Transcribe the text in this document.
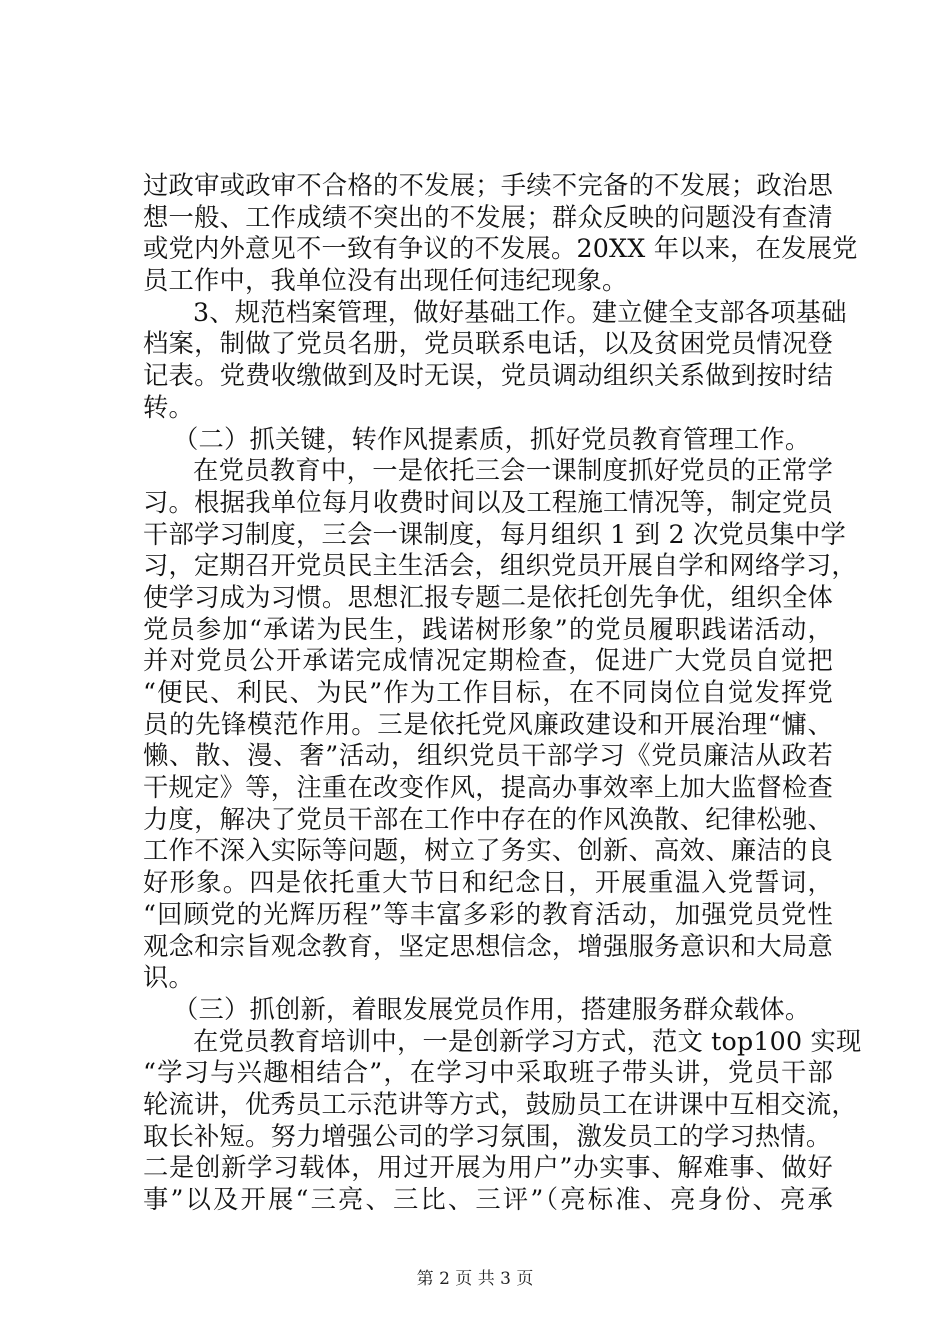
过政审或政审不合格的不发展；手续不完备的不发展；政治思
想一般、工作成绩不突出的不发展；群众反映的问题没有查清
或党内外意见不一致有争议的不发展。20XX 年以来，在发展党
员工作中，我单位没有出现任何违纪现象。
3、规范档案管理，做好基础工作。建立健全支部各项基础
档案，制做了党员名册，党员联系电话，以及贫困党员情况登
记表。党费收缴做到及时无误，党员调动组织关系做到按时结
转。
（二）抓关键，转作风提素质，抓好党员教育管理工作。
在党员教育中，一是依托三会一课制度抓好党员的正常学
习。根据我单位每月收费时间以及工程施工情况等，制定党员
干部学习制度，三会一课制度，每月组织 1 到 2 次党员集中学
习，定期召开党员民主生活会，组织党员开展自学和网络学习，
使学习成为习惯。思想汇报专题二是依托创先争优，组织全体
党员参加“承诺为民生，践诺树形象”的党员履职践诺活动，
并对党员公开承诺完成情况定期检查，促进广大党员自觉把
“便民、利民、为民”作为工作目标，在不同岗位自觉发挥党
员的先锋模范作用。三是依托党风廉政建设和开展治理“慵、
懒、散、漫、奢”活动，组织党员干部学习《党员廉洁从政若
干规定》等，注重在改变作风，提高办事效率上加大监督检查
力度，解决了党员干部在工作中存在的作风涣散、纪律松驰、
工作不深入实际等问题，树立了务实、创新、高效、廉洁的良
好形象。四是依托重大节日和纪念日，开展重温入党誓词，
“回顾党的光辉历程”等丰富多彩的教育活动，加强党员党性
观念和宗旨观念教育，坚定思想信念，增强服务意识和大局意
识。
（三）抓创新，着眼发展党员作用，搭建服务群众载体。
在党员教育培训中，一是创新学习方式，范文 top100 实现
“学习与兴趣相结合”，在学习中采取班子带头讲，党员干部
轮流讲，优秀员工示范讲等方式，鼓励员工在讲课中互相交流，
取长补短。努力增强公司的学习氛围，激发员工的学习热情。
二是创新学习载体，用过开展为用户”办实事、解难事、做好
事”以及开展“三亮、三比、三评”（亮标准、亮身份、亮承
第 2 页 共 3 页
